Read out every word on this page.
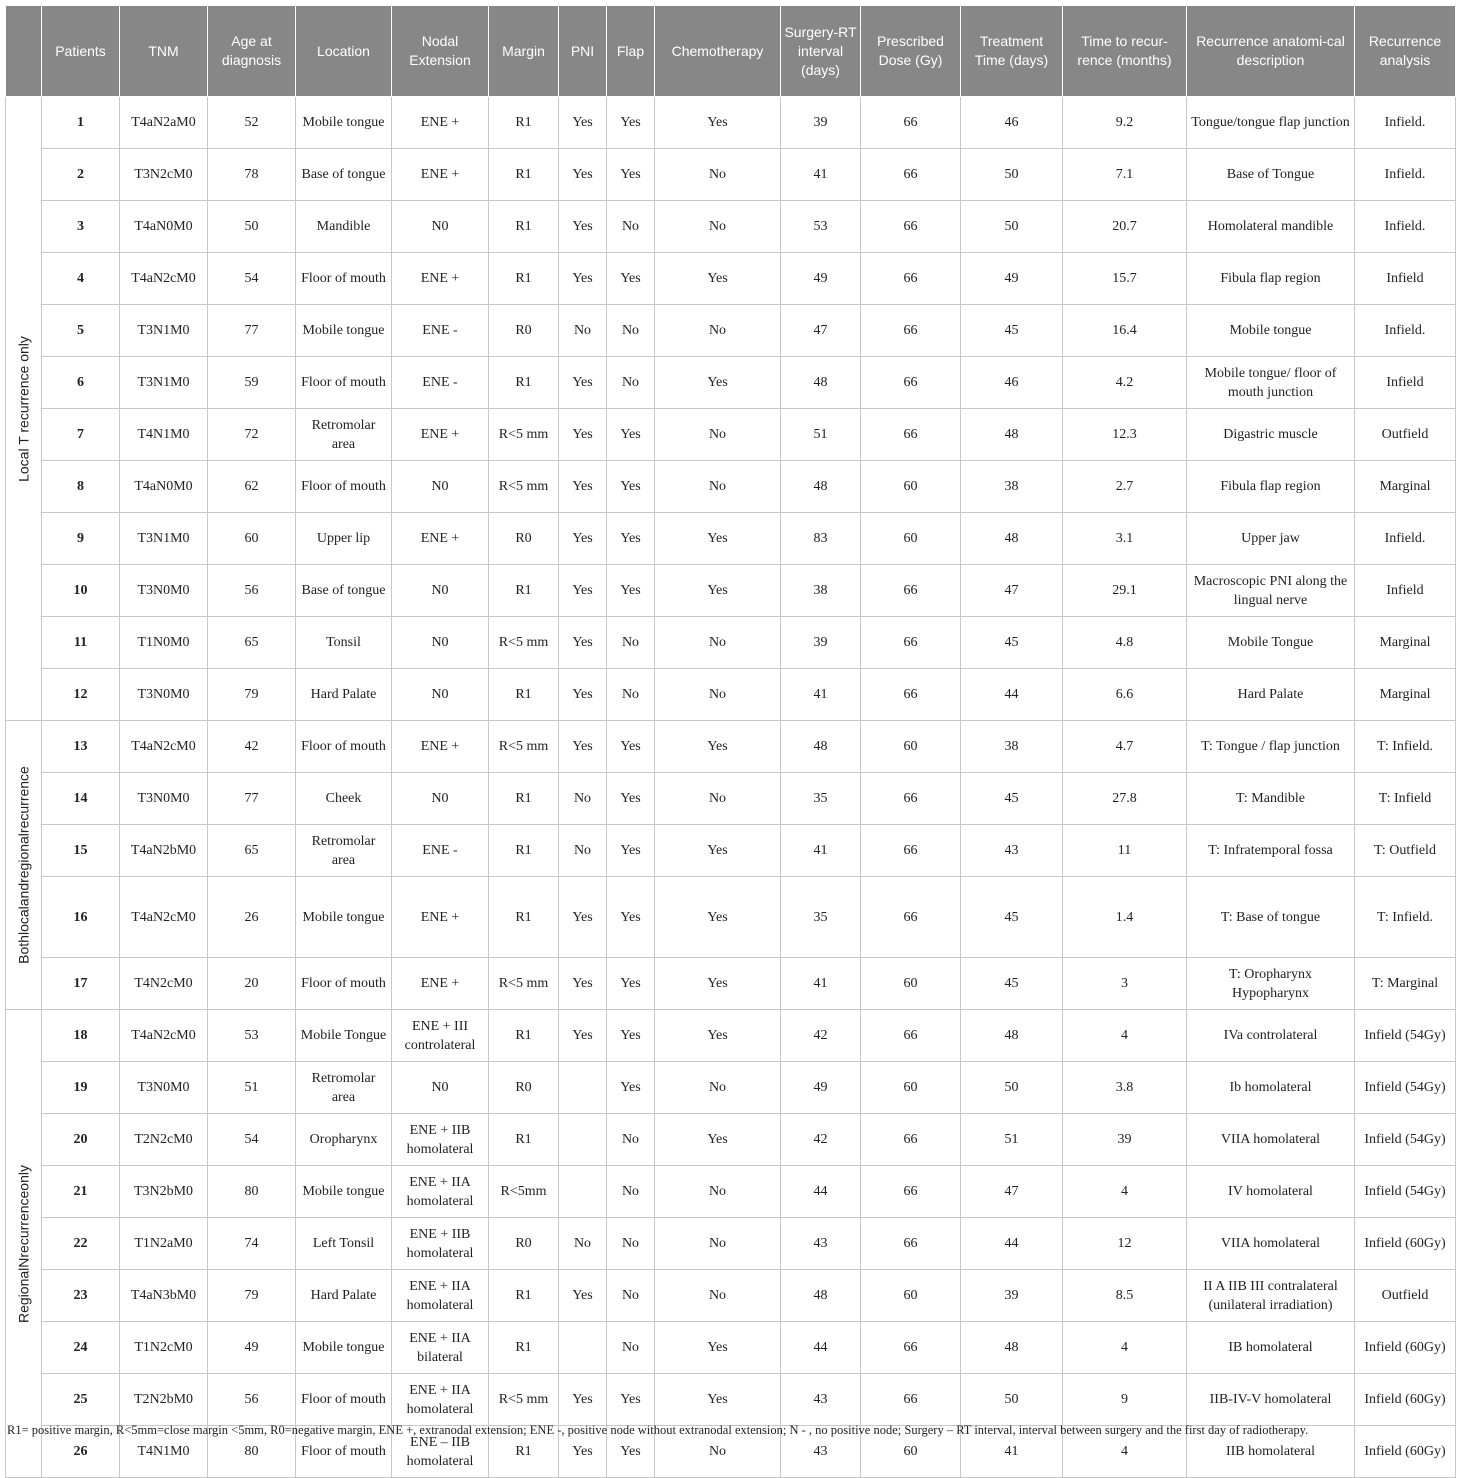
	Patients	TNM	Age at diagnosis	Location	Nodal Extension	Margin	PNI	Flap	Chemotherapy	Surgery-RT interval (days)	Prescribed Dose (Gy)	Treatment Time (days)	Time to recur-rence (months)	Recurrence anatomi-cal description	Recurrence analysis

Local T recurrence only	1	T4aN2aM0	52	Mobile tongue	ENE +	R1	Yes	Yes	Yes	39	66	46	9.2	Tongue/tongue flap junction	Infield.
	2	T3N2cM0	78	Base of tongue	ENE +	R1	Yes	Yes	No	41	66	50	7.1	Base of Tongue	Infield.
	3	T4aN0M0	50	Mandible	N0	R1	Yes	No	No	53	66	50	20.7	Homolateral mandible	Infield.
	4	T4aN2cM0	54	Floor of mouth	ENE +	R1	Yes	Yes	Yes	49	66	49	15.7	Fibula flap region	Infield
	5	T3N1M0	77	Mobile tongue	ENE -	R0	No	No	No	47	66	45	16.4	Mobile tongue	Infield.
	6	T3N1M0	59	Floor of mouth	ENE -	R1	Yes	No	Yes	48	66	46	4.2	Mobile tongue/ floor of mouth junction	Infield
	7	T4N1M0	72	Retromolar area	ENE +	R<5 mm	Yes	Yes	No	51	66	48	12.3	Digastric muscle	Outfield
	8	T4aN0M0	62	Floor of mouth	N0	R<5 mm	Yes	Yes	No	48	60	38	2.7	Fibula flap region	Marginal
	9	T3N1M0	60	Upper lip	ENE +	R0	Yes	Yes	Yes	83	60	48	3.1	Upper jaw	Infield.
	10	T3N0M0	56	Base of tongue	N0	R1	Yes	Yes	Yes	38	66	47	29.1	Macroscopic PNI along the lingual nerve	Infield
	11	T1N0M0	65	Tonsil	N0	R<5 mm	Yes	No	No	39	66	45	4.8	Mobile Tongue	Marginal
	12	T3N0M0	79	Hard Palate	N0	R1	Yes	No	No	41	66	44	6.6	Hard Palate	Marginal

Bothlocalandregionalrecurrence	13	T4aN2cM0	42	Floor of mouth	ENE +	R<5 mm	Yes	Yes	Yes	48	60	38	4.7	T: Tongue / flap junction	T: Infield.
	14	T3N0M0	77	Cheek	N0	R1	No	Yes	No	35	66	45	27.8	T: Mandible	T: Infield
	15	T4aN2bM0	65	Retromolar area	ENE -	R1	No	Yes	Yes	41	66	43	11	T: Infratemporal fossa	T: Outfield
	16	T4aN2cM0	26	Mobile tongue	ENE +	R1	Yes	Yes	Yes	35	66	45	1.4	T: Base of tongue	T: Infield.
	17	T4N2cM0	20	Floor of mouth	ENE +	R<5 mm	Yes	Yes	Yes	41	60	45	3	T: Oropharynx Hypopharynx	T: Marginal

RegionalNrecurrenceonly	18	T4aN2cM0	53	Mobile Tongue	ENE + III controlateral	R1	Yes	Yes	Yes	42	66	48	4	IVa controlateral	Infield (54Gy)
	19	T3N0M0	51	Retromolar area	N0	R0		Yes	No	49	60	50	3.8	Ib homolateral	Infield (54Gy)
	20	T2N2cM0	54	Oropharynx	ENE + IIB homolateral	R1		No	Yes	42	66	51	39	VIIA homolateral	Infield (54Gy)
	21	T3N2bM0	80	Mobile tongue	ENE + IIA homolateral	R<5mm		No	No	44	66	47	4	IV homolateral	Infield (54Gy)
	22	T1N2aM0	74	Left Tonsil	ENE + IIB homolateral	R0	No	No	No	43	66	44	12	VIIA homolateral	Infield (60Gy)
	23	T4aN3bM0	79	Hard Palate	ENE + IIA homolateral	R1	Yes	No	No	48	60	39	8.5	II A IIB III contralateral (unilateral irradiation)	Outfield
	24	T1N2cM0	49	Mobile tongue	ENE + IIA bilateral	R1		No	Yes	44	66	48	4	IB homolateral	Infield (60Gy)
	25	T2N2bM0	56	Floor of mouth	ENE + IIA homolateral	R<5 mm	Yes	Yes	Yes	43	66	50	9	IIB-IV-V homolateral	Infield (60Gy)
	26	T4N1M0	80	Floor of mouth	ENE – IIB homolateral	R1	Yes	Yes	No	43	60	41	4	IIB homolateral	Infield (60Gy)
R1= positive margin, R<5mm=close margin <5mm, R0=negative margin, ENE +, extranodal extension; ENE -, positive node without extranodal extension; N - , no positive node; Surgery – RT interval, interval between surgery and the first day of radiotherapy.
